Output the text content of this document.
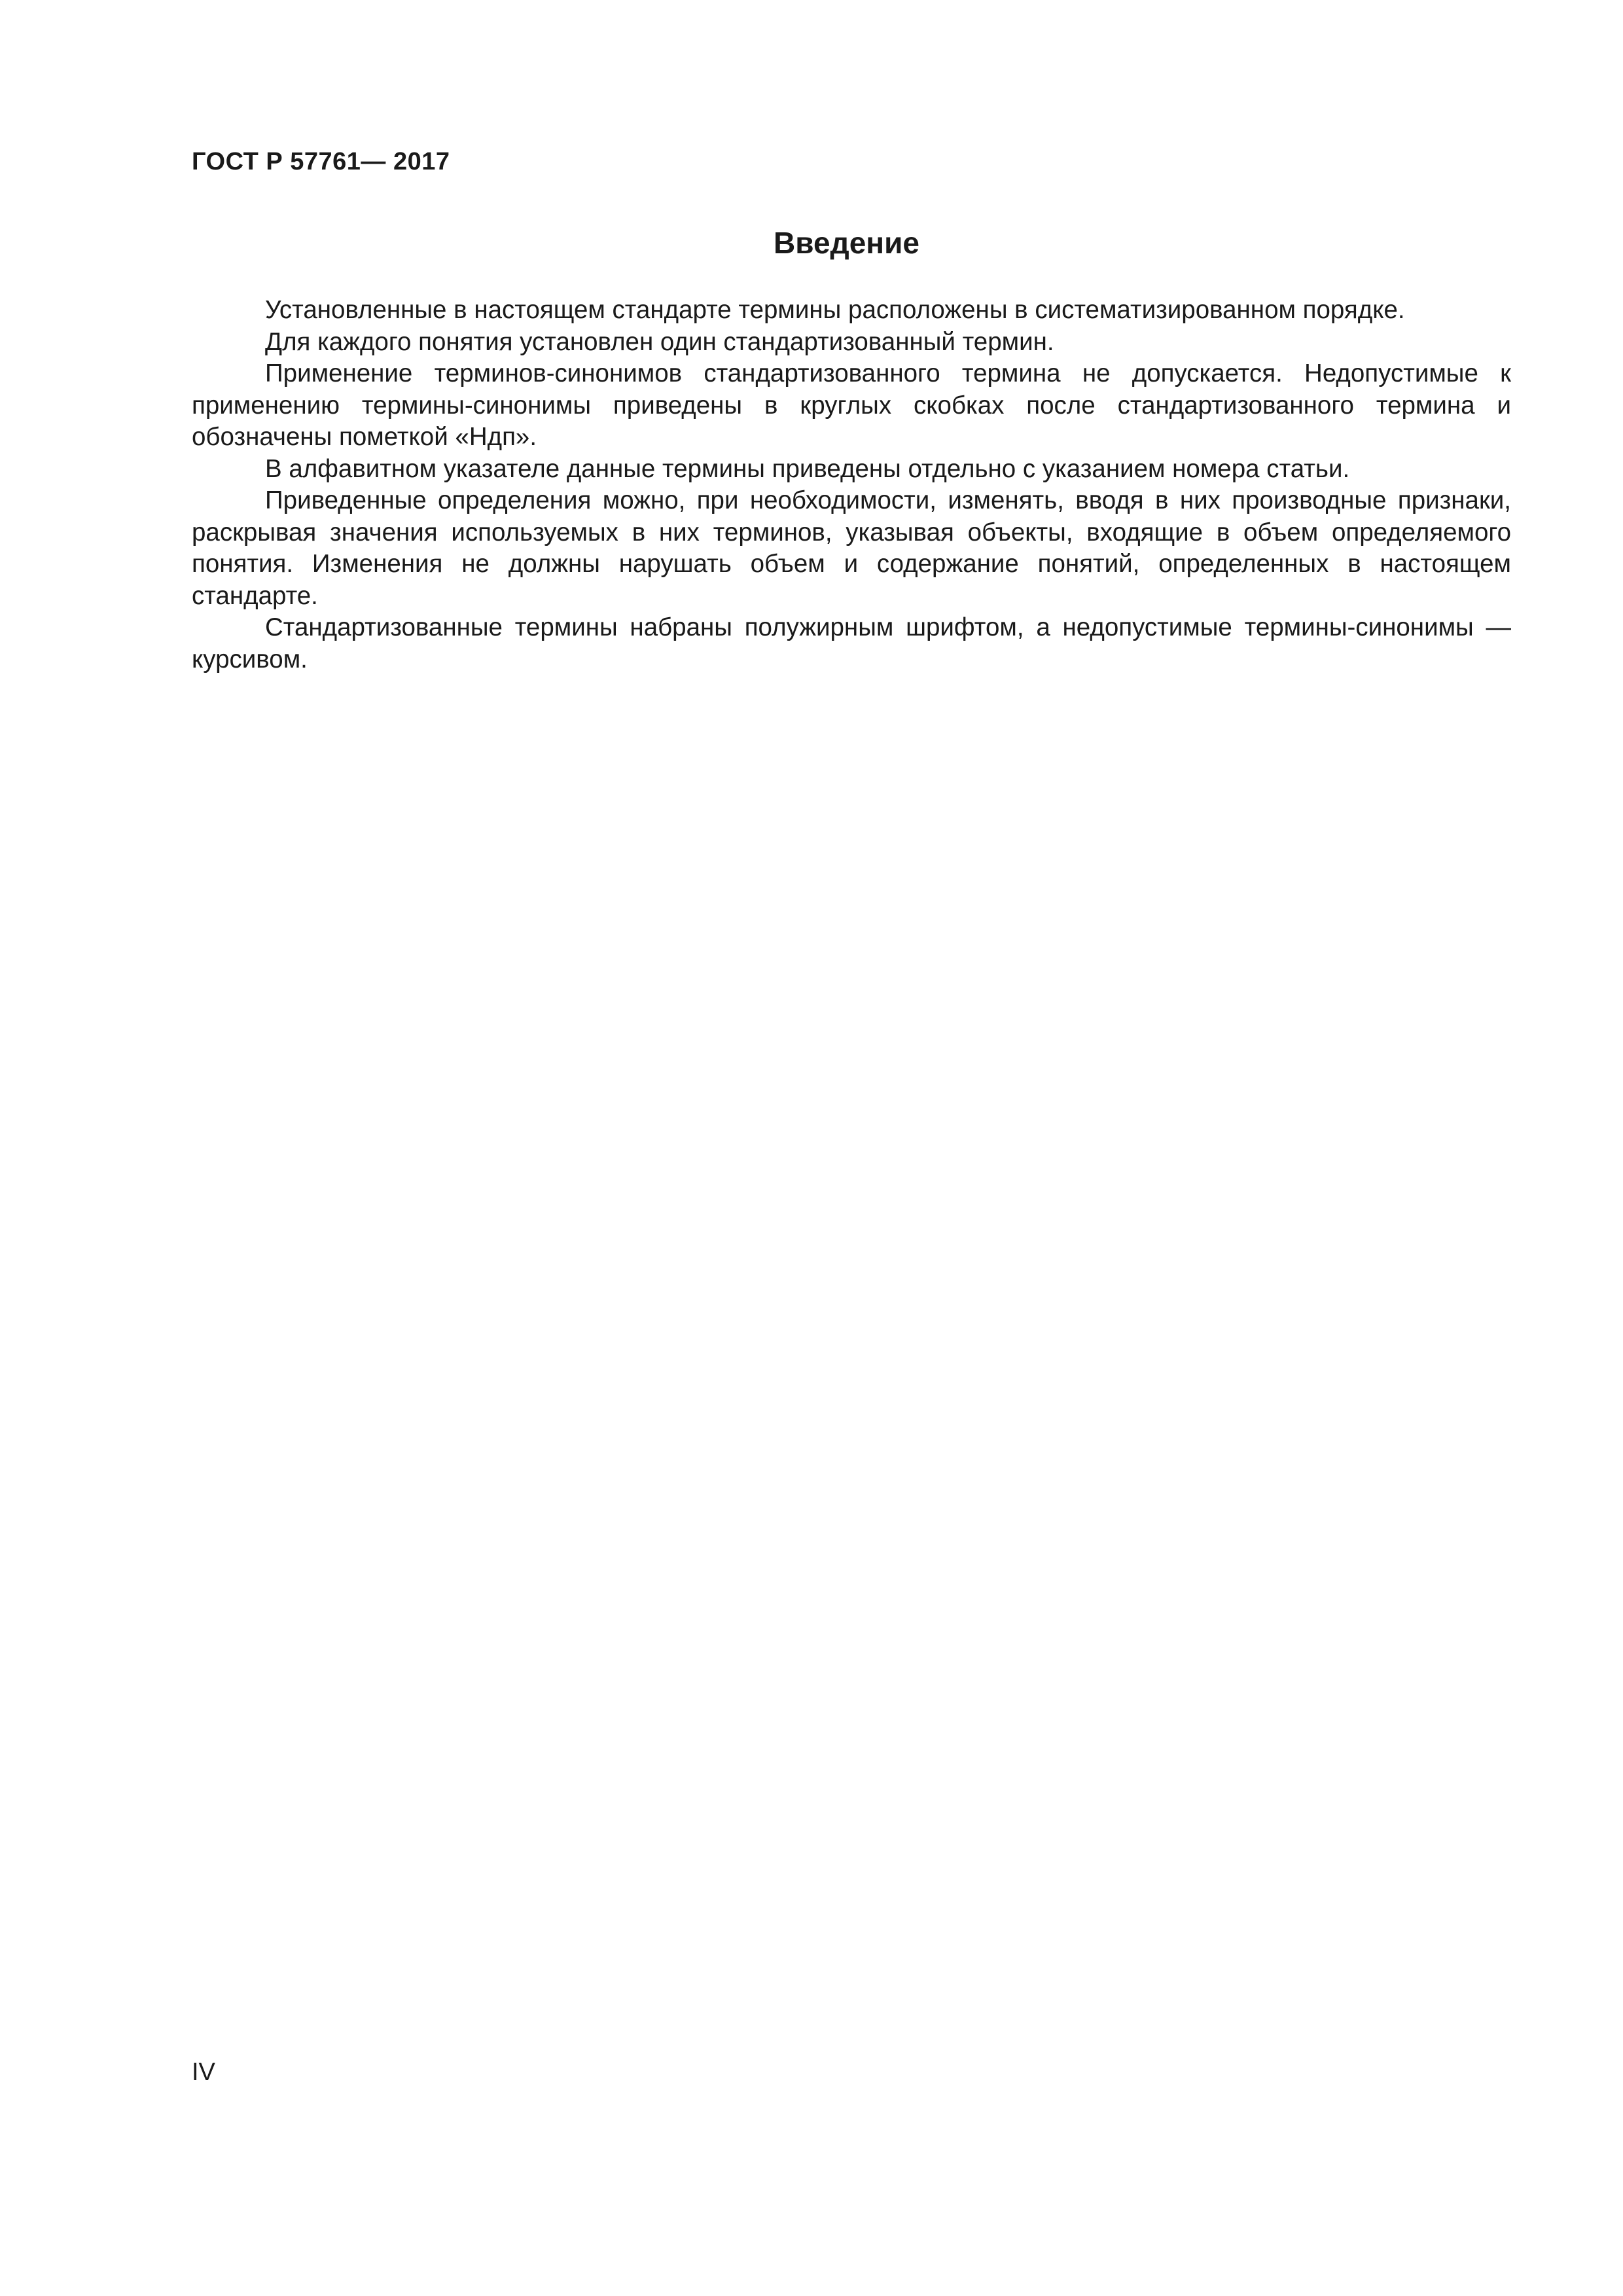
ГОСТ Р 57761— 2017
Введение

Установленные в настоящем стандарте термины расположены в систематизированном порядке.

Для каждого понятия установлен один стандартизованный термин.

Применение терминов-синонимов стандартизованного термина не допускается. Недопустимые к применению термины-синонимы приведены в круглых скобках после стандартизованного термина и обозначены пометкой «Ндп».

В алфавитном указателе данные термины приведены отдельно с указанием номера статьи.

Приведенные определения можно, при необходимости, изменять, вводя в них производные признаки, раскрывая значения используемых в них терминов, указывая объекты, входящие в объем определяемого понятия. Изменения не должны нарушать объем и содержание понятий, определенных в настоящем стандарте.

Стандартизованные термины набраны полужирным шрифтом, а недопустимые термины-синонимы — курсивом.

IV
